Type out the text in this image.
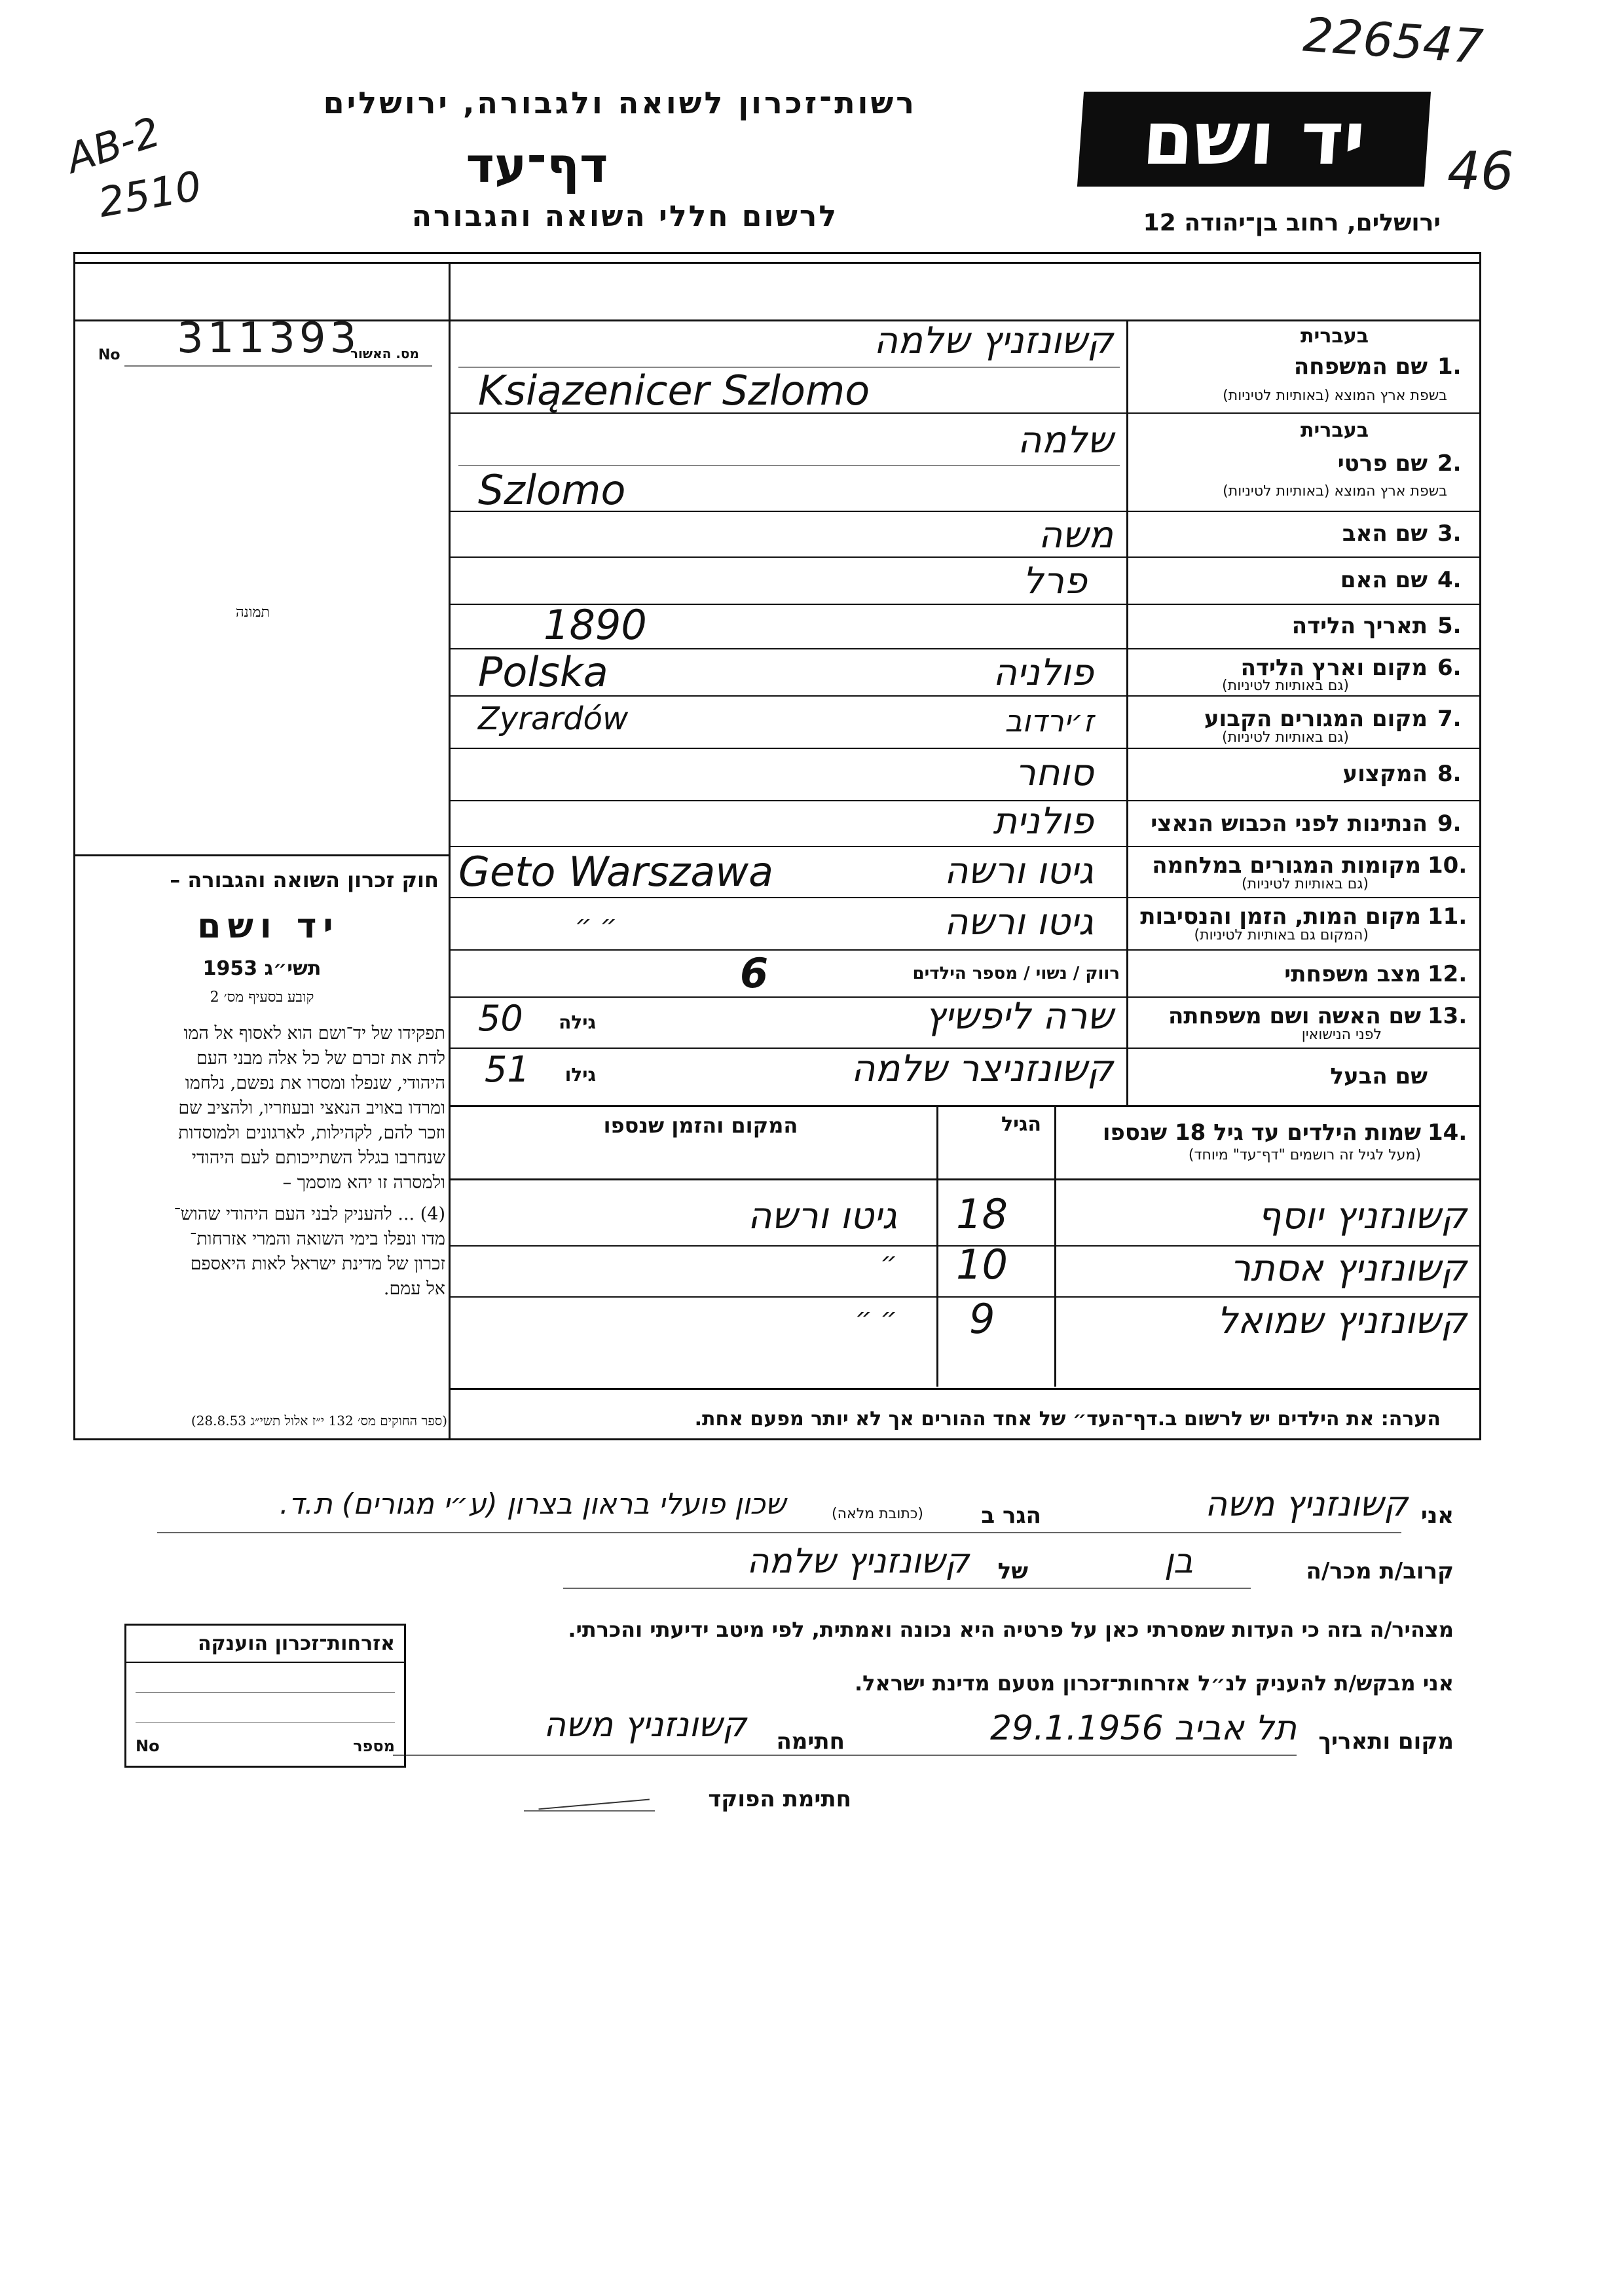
226547
46
AB-2
2510
יד ושם
ירושלים, רחוב בן־יהודה 12
רשות־זכרון לשואה ולגבורה, ירושלים
דף־עד
לרשום חללי השואה והגבורה
311393
מס. האשור
No
תמונה
חוק זכרון השואה והגבורה –
יד ושם
תשי״ג 1953
קובע בסעיף מס׳ 2
תפקידו של יד־ושם הוא לאסוף אל המו
לדת את זכרם של כל אלה מבני העם
היהודי, שנפלו ומסרו את נפשם, נלחמו
ומרדו באויב הנאצי ובעוזריו, ולהציב שם
וזכר להם, לקהילות, לארגונים ולמוסדות
שנחרבו בגלל השתייכותם לעם היהודי
ולמסרה זו יהא מוסמך –
(4) ... להעניק לבני העם היהודי שהוש־
מדו ונפלו בימי השואה והמרי אזרחות־
זכרון של מדינת ישראל לאות היאספם
אל עמם.
(ספר החוקים מס׳ 132 י״ז אלול תשי״ג 28.8.53)
1.
שם המשפחה
בעברית
בשפת ארץ המוצא (באותיות לטיניות)
קשונזניץ שלמה
Ksiązenicer Szlomo
2.
שם פרטי
בעברית
בשפת ארץ המוצא (באותיות לטיניות)
שלמה
Szlomo
3.
שם האב
משה
4.
שם האם
פרל
5.
תאריך הלידה
1890
6.
מקום וארץ הלידה
(גם באותיות לטיניות)
פולניה
Polska
7.
מקום המגורים הקבוע
(גם באותיות לטיניות)
ז׳ירדוב
Zyrardów
8.
המקצוע
סוחר
9.
הנתינות לפני הכבוש הנאצי
פולנית
10.
מקומות המגורים במלחמה
(גם באותיות לטיניות)
גיטו ורשה
Geto Warszawa
11.
מקום המות, הזמן והנסיבות
(המקום גם באותיות לטיניות)
גיטו ורשה
״ ״
12.
מצב משפחתי
רווק / נשוי / מספר הילדים
6
13.
שם האשה ושם משפחתה
לפני הנישואין
גילה
50	שרה ליפשיץ
שם הבעל
גילו
51	קשונזניצר שלמה
14.
שמות הילדים עד גיל 18 שנספו
(מעל לגיל זה רושמים "דף־עד" מיוחד)
הגיל
המקום והזמן שנספו
קשונזניץ יוסף
18
גיטו ורשה
קשונזניץ אסתר
10
״
קשונזניץ שמואל
9
״ ״
הערה: את הילדים יש לרשום ב.דף־העד״ של אחד ההורים אך לא יותר מפעם אחת.
אני
קשונזניץ משה
הגר ב
(כתובת מלאה)
שכון פועלי בראון בצרון (ע״י מגורים) ת.ד.
קרוב/ת מכר/ה
בן
של
קשונזניץ שלמה
מצהיר/ה בזה כי העדות שמסרתי כאן על פרטיה היא נכונה ואמתית, לפי מיטב ידיעתי והכרתי.
אני מבקש/ת להעניק לנ״ל אזרחות־זכרון מטעם מדינת ישראל.
מקום ותאריך
תל אביב 29.1.1956
חתימה
קשונזניץ משה
חתימת הפוקד
אזרחות־זכרון הוענקה
מספר
No
